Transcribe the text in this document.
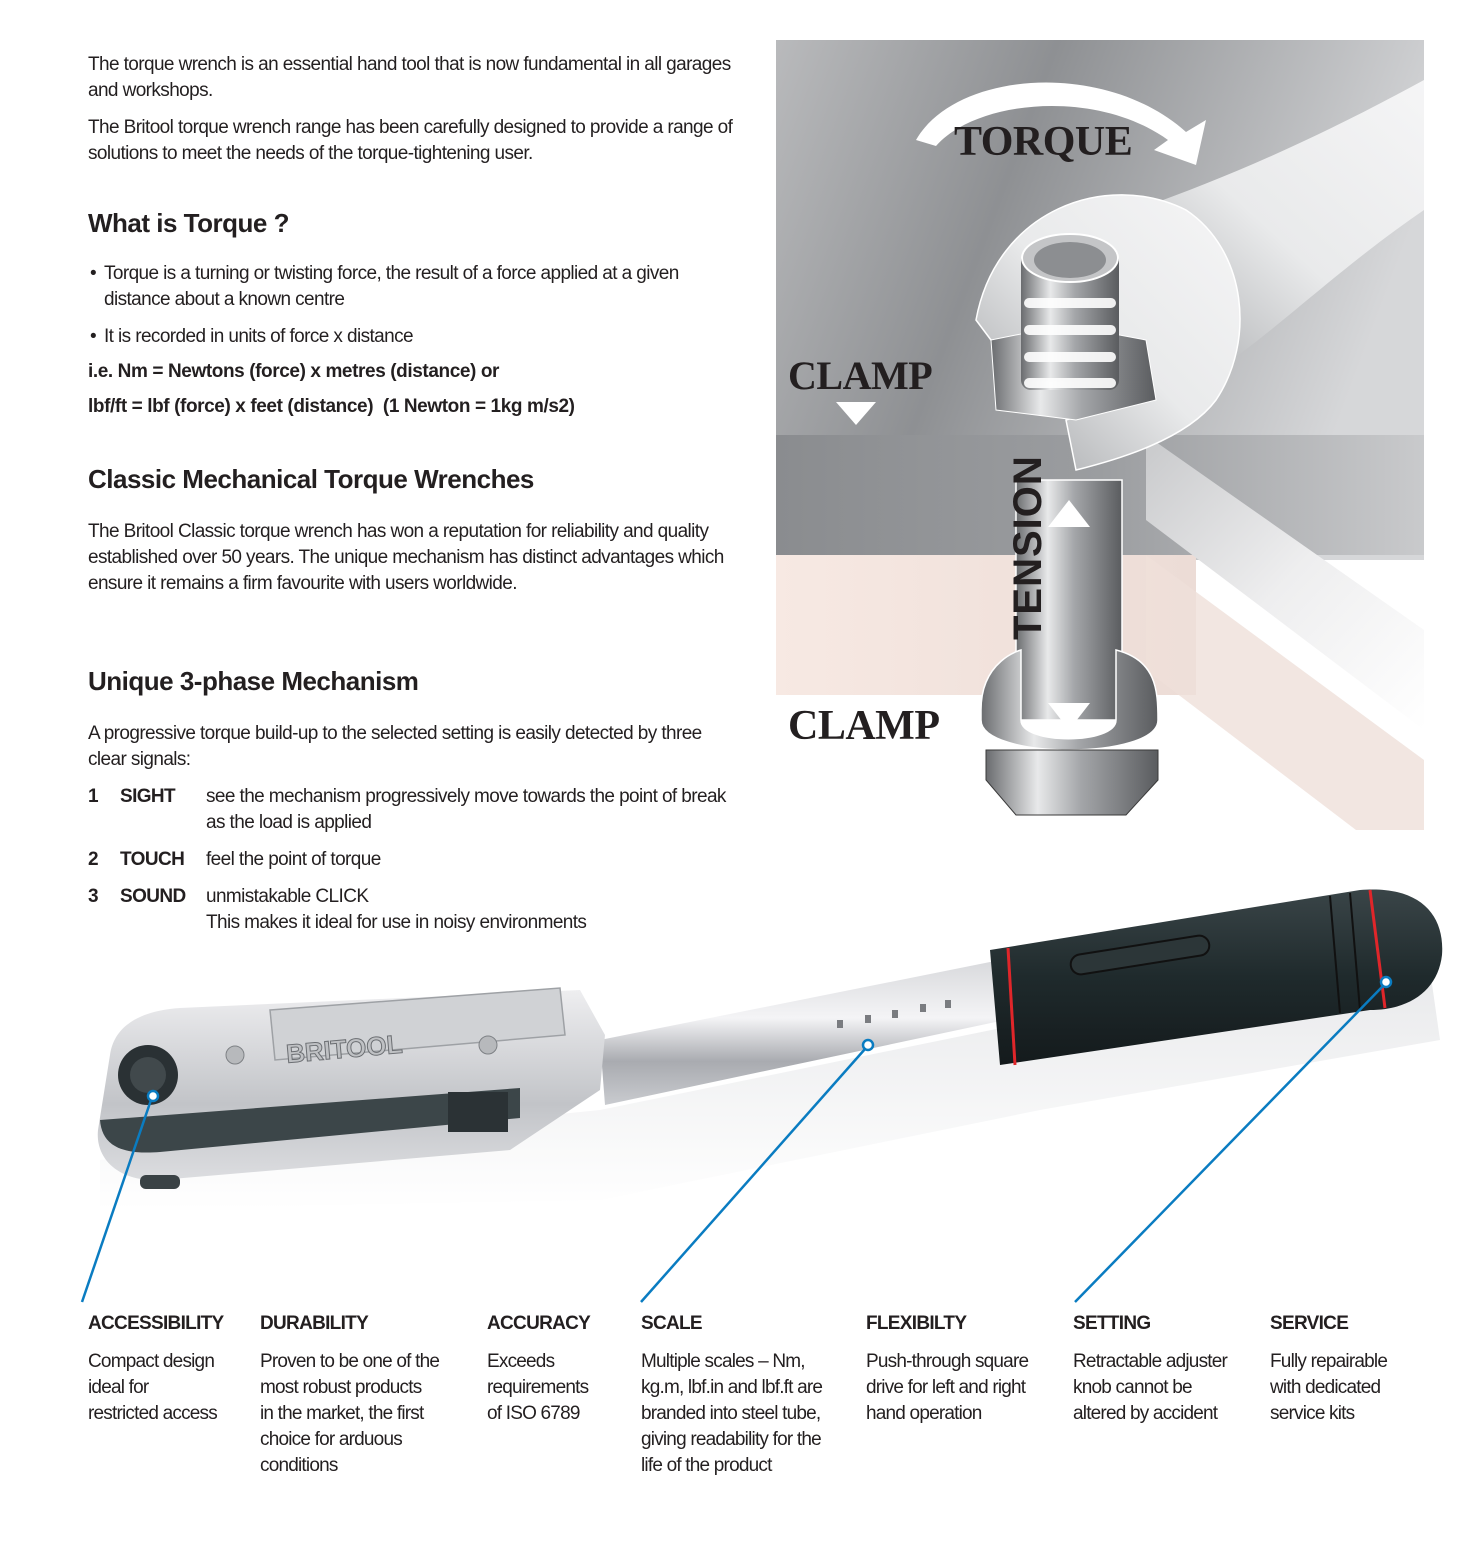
The torque wrench is an essential hand tool that is now fundamental in all garages and workshops.

The Britool torque wrench range has been carefully designed to provide a range of solutions to meet the needs of the torque-tightening user.

What is Torque ?
• Torque is a turning or twisting force, the result of a force applied at a given distance about a known centre
• It is recorded in units of force x distance
i.e. Nm = Newtons (force) x metres (distance) or
lbf/ft = lbf (force) x feet (distance)  (1 Newton = 1kg m/s2)
Classic Mechanical Torque Wrenches

The Britool Classic torque wrench has won a reputation for reliability and quality established over 50 years. The unique mechanism has distinct advantages which ensure it remains a firm favourite with users worldwide.

Unique 3-phase Mechanism

A progressive torque build-up to the selected setting is easily detected by three clear signals:

1	SIGHT	see the mechanism progressively move towards the point of break
as the load is applied
2	TOUCH	feel the point of torque
3	SOUND	unmistakable CLICK
This makes it ideal for use in noisy environments
TORQUE
CLAMP
CLAMP
TENSION
BRITOOL
ACCESSIBILITY
Compact design
ideal for
restricted access
DURABILITY
Proven to be one of the
most robust products
in the market, the first
choice for arduous
conditions
ACCURACY
Exceeds
requirements
of ISO 6789
SCALE
Multiple scales – Nm,
kg.m, lbf.in and lbf.ft are
branded into steel tube,
giving readability for the
life of the product
FLEXIBILTY
Push-through square
drive for left and right
hand operation
SETTING
Retractable adjuster
knob cannot be
altered by accident
SERVICE
Fully repairable
with dedicated
service kits
